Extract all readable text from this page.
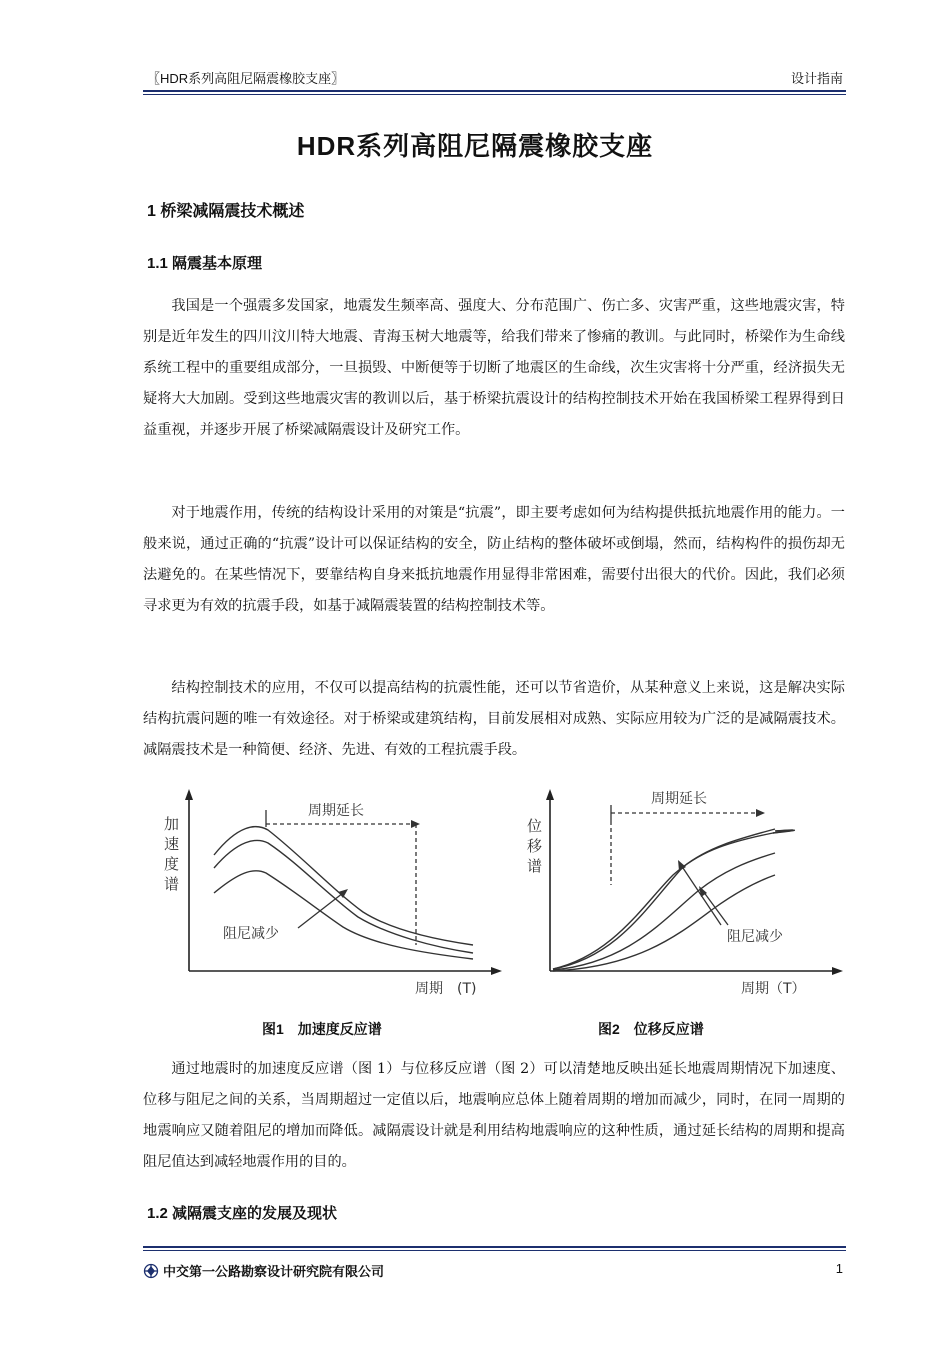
〖HDR系列高阻尼隔震橡胶支座〗	设计指南
HDR系列高阻尼隔震橡胶支座
1 桥梁减隔震技术概述
1.1 隔震基本原理

我国是一个强震多发国家，地震发生频率高、强度大、分布范围广、伤亡多、灾害严重，这些地震灾害，特别是近年发生的四川汶川特大地震、青海玉树大地震等，给我们带来了惨痛的教训。与此同时，桥梁作为生命线系统工程中的重要组成部分，一旦损毁、中断便等于切断了地震区的生命线，次生灾害将十分严重，经济损失无疑将大大加剧。受到这些地震灾害的教训以后，基于桥梁抗震设计的结构控制技术开始在我国桥梁工程界得到日益重视，并逐步开展了桥梁减隔震设计及研究工作。

对于地震作用，传统的结构设计采用的对策是“抗震”，即主要考虑如何为结构提供抵抗地震作用的能力。一般来说，通过正确的“抗震”设计可以保证结构的安全，防止结构的整体破坏或倒塌，然而，结构构件的损伤却无法避免的。在某些情况下，要靠结构自身来抵抗地震作用显得非常困难，需要付出很大的代价。因此，我们必须寻求更为有效的抗震手段，如基于减隔震装置的结构控制技术等。

结构控制技术的应用，不仅可以提高结构的抗震性能，还可以节省造价，从某种意义上来说，这是解决实际结构抗震问题的唯一有效途径。对于桥梁或建筑结构，目前发展相对成熟、实际应用较为广泛的是减隔震技术。减隔震技术是一种简便、经济、先进、有效的工程抗震手段。

加
速
度
谱
周期延长
阻尼减少
周期　(T)
位
移
谱
周期延长
阻尼减少
周期（T）
图1　加速度反应谱	图2　位移反应谱

通过地震时的加速度反应谱（图 1）与位移反应谱（图 2）可以清楚地反映出延长地震周期情况下加速度、位移与阻尼之间的关系，当周期超过一定值以后，地震响应总体上随着周期的增加而减少，同时，在同一周期的地震响应又随着阻尼的增加而降低。减隔震设计就是利用结构地震响应的这种性质，通过延长结构的周期和提高阻尼值达到减轻地震作用的目的。

1.2 减隔震支座的发展及现状
中交第一公路勘察设计研究院有限公司	1
